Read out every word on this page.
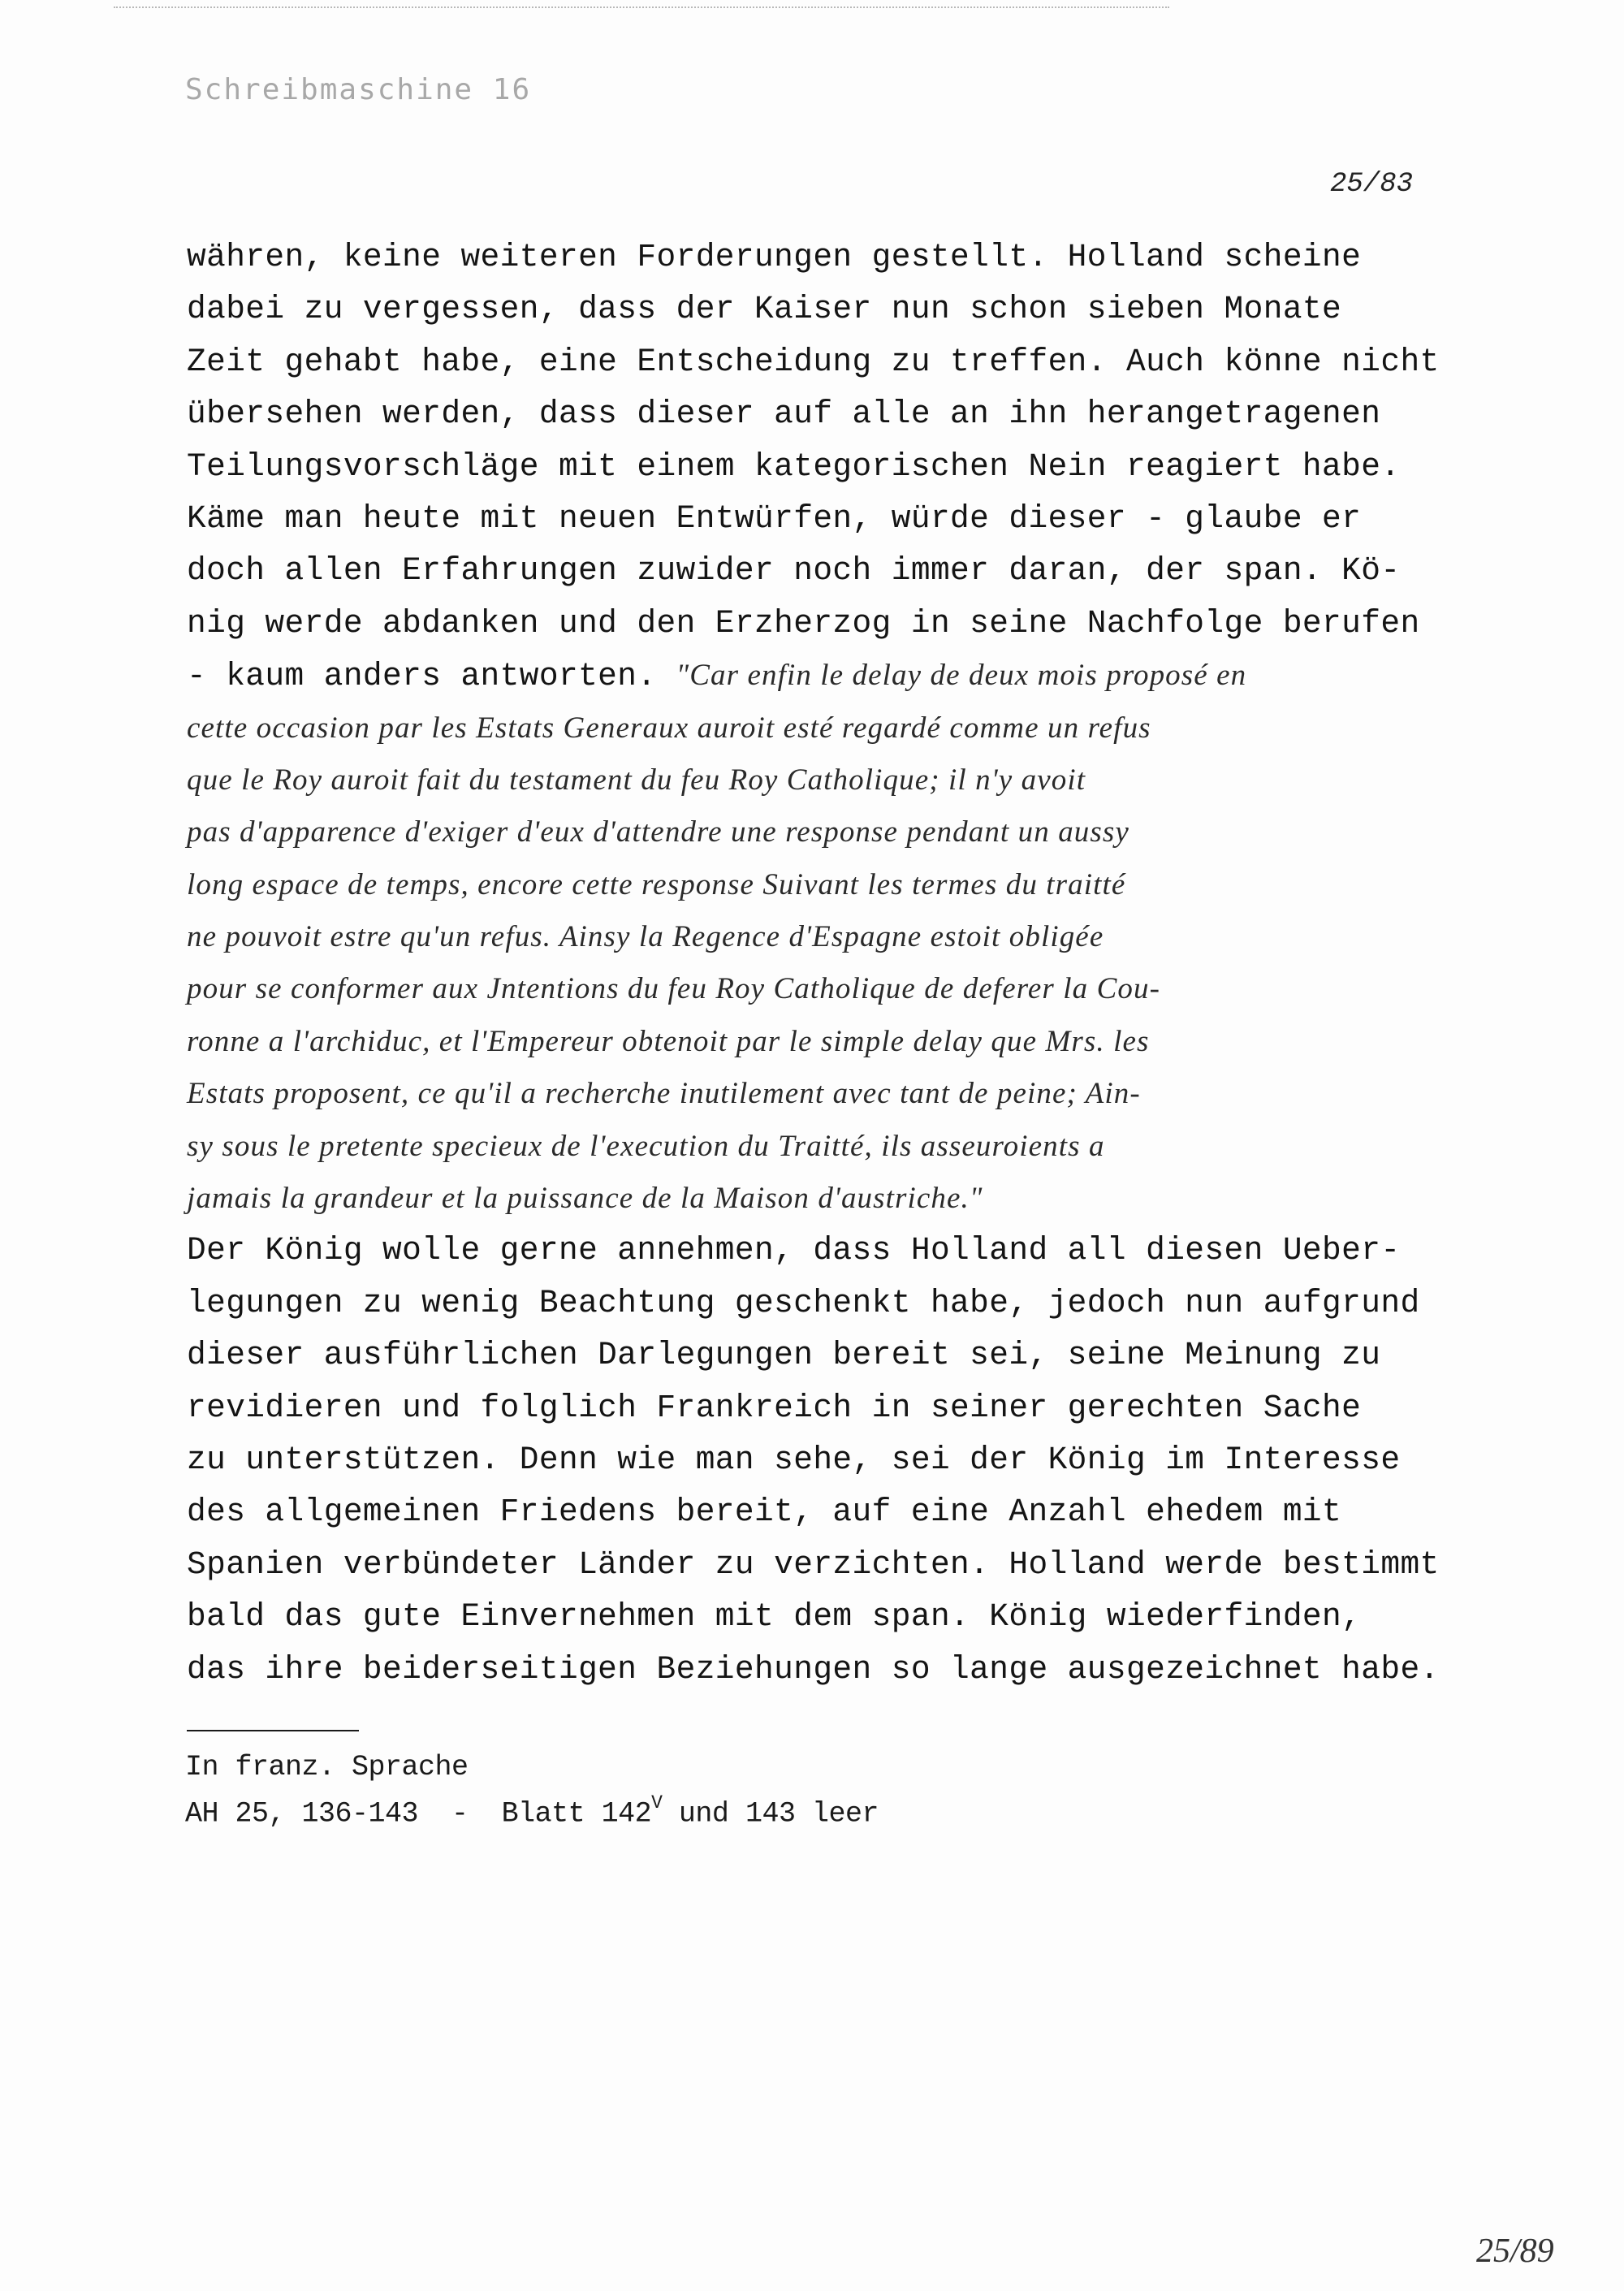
Schreibmaschine 16
25/83
währen, keine weiteren Forderungen gestellt. Holland scheine
dabei zu vergessen, dass der Kaiser nun schon sieben Monate
Zeit gehabt habe, eine Entscheidung zu treffen. Auch könne nicht
übersehen werden, dass dieser auf alle an ihn herangetragenen
Teilungsvorschläge mit einem kategorischen Nein reagiert habe.
Käme man heute mit neuen Entwürfen, würde dieser - glaube er
doch allen Erfahrungen zuwider noch immer daran, der span. Kö-
nig werde abdanken und den Erzherzog in seine Nachfolge berufen
- kaum anders antworten. "Car enfin le delay de deux mois proposé en
cette occasion par les Estats Generaux auroit esté regardé comme un refus
que le Roy auroit fait du testament du feu Roy Catholique; il n'y avoit
pas d'apparence d'exiger d'eux d'attendre une response pendant un aussy
long espace de temps, encore cette response Suivant les termes du traitté
ne pouvoit estre qu'un refus. Ainsy la Regence d'Espagne estoit obligée
pour se conformer aux Jntentions du feu Roy Catholique de deferer la Cou-
ronne a l'archiduc, et l'Empereur obtenoit par le simple delay que Mrs. les
Estats proposent, ce qu'il a recherche inutilement avec tant de peine; Ain-
sy sous le pretente specieux de l'execution du Traitté, ils asseuroients a
jamais la grandeur et la puissance de la Maison d'austriche."
Der König wolle gerne annehmen, dass Holland all diesen Ueber-
legungen zu wenig Beachtung geschenkt habe, jedoch nun aufgrund
dieser ausführlichen Darlegungen bereit sei, seine Meinung zu
revidieren und folglich Frankreich in seiner gerechten Sache
zu unterstützen. Denn wie man sehe, sei der König im Interesse
des allgemeinen Friedens bereit, auf eine Anzahl ehedem mit
Spanien verbündeter Länder zu verzichten. Holland werde bestimmt
bald das gute Einvernehmen mit dem span. König wiederfinden,
das ihre beiderseitigen Beziehungen so lange ausgezeichnet habe.
In franz. Sprache
AH 25, 136-143  -  Blatt $142^V$ und 143 leer
25/89
